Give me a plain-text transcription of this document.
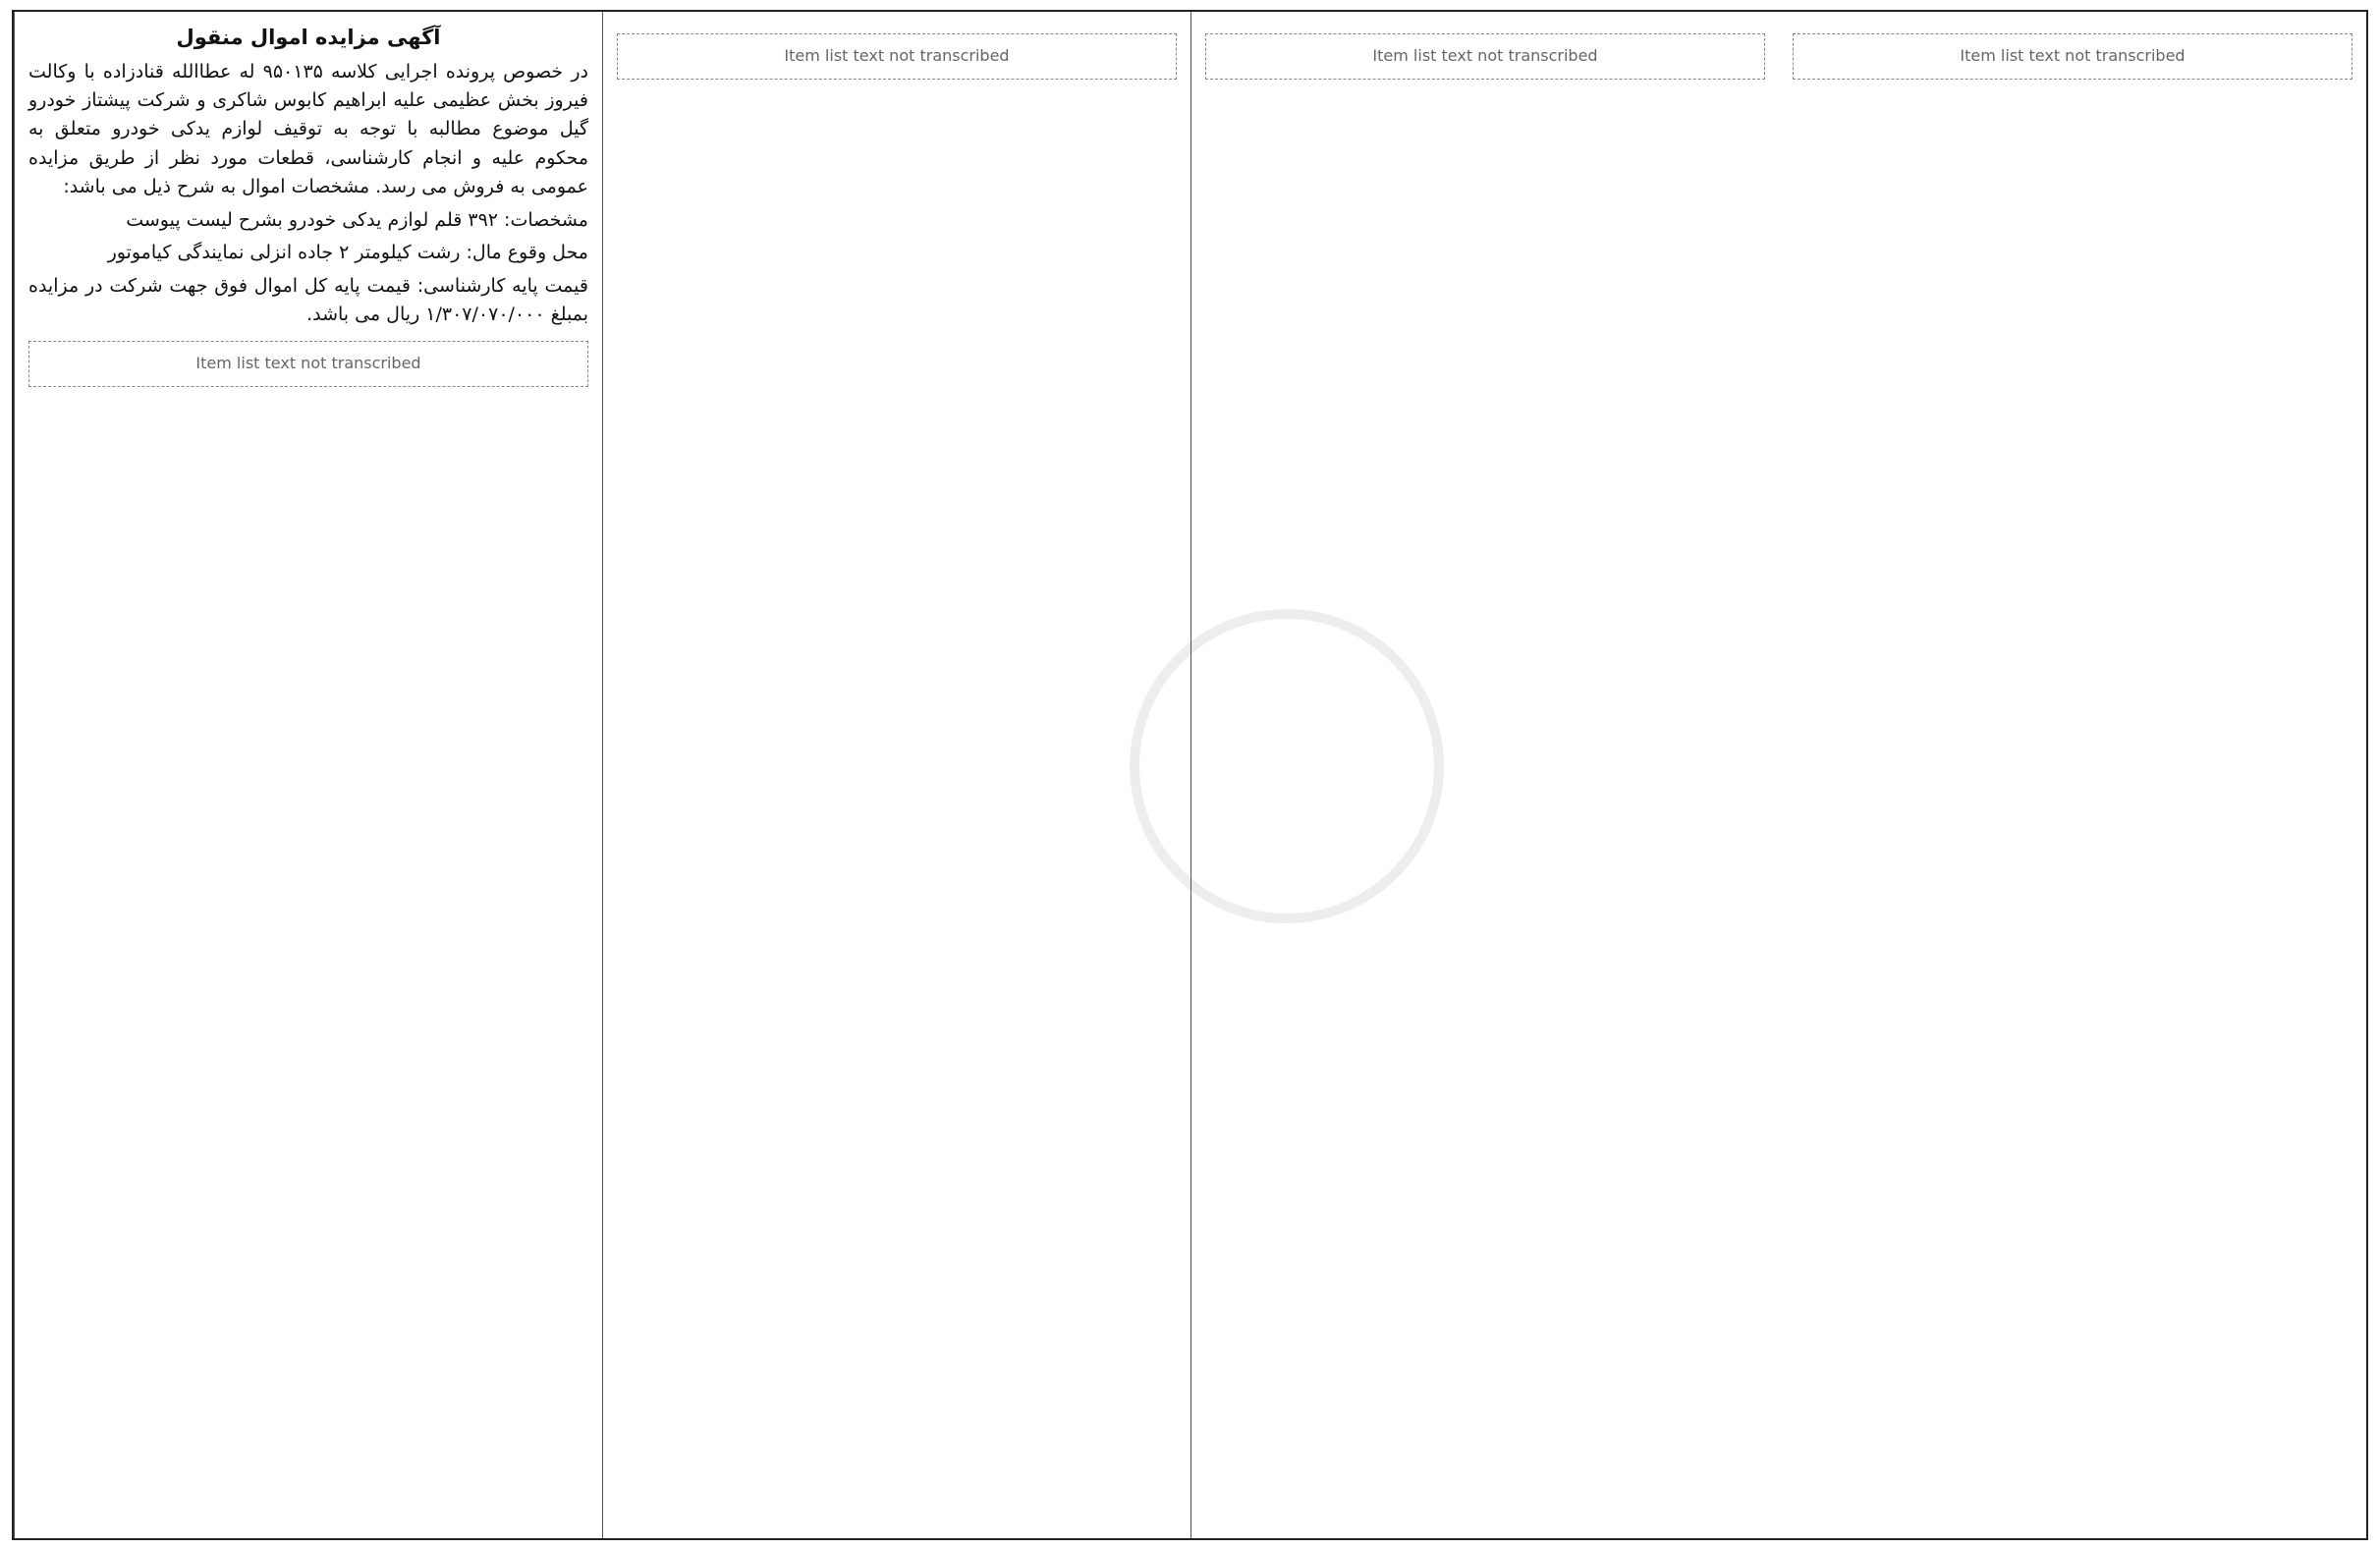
آگهی مزایده اموال منقول

در خصوص پرونده اجرایی کلاسه ۹۵۰۱۳۵ له عطاالله قنادزاده با وکالت فیروز بخش عظیمی علیه ابراهیم کابوس شاکری و شرکت پیشتاز خودرو گیل موضوع مطالبه با توجه به توقیف لوازم یدکی خودرو متعلق به محکوم علیه و انجام کارشناسی، قطعات مورد نظر از طریق مزایده عمومی به فروش می رسد. مشخصات اموال به شرح ذیل می باشد:

مشخصات: ۳۹۲ قلم لوازم یدکی خودرو بشرح لیست پیوست

محل وقوع مال: رشت کیلومتر ۲ جاده انزلی نمایندگی کیاموتور

قیمت پایه کارشناسی: قیمت پایه کل اموال فوق جهت شرکت در مزایده بمبلغ ۱/۳۰۷/۰۷۰/۰۰۰ ریال می باشد.

Item list text not transcribed
Item list text not transcribed	Item list text not transcribed	Item list text not transcribed
